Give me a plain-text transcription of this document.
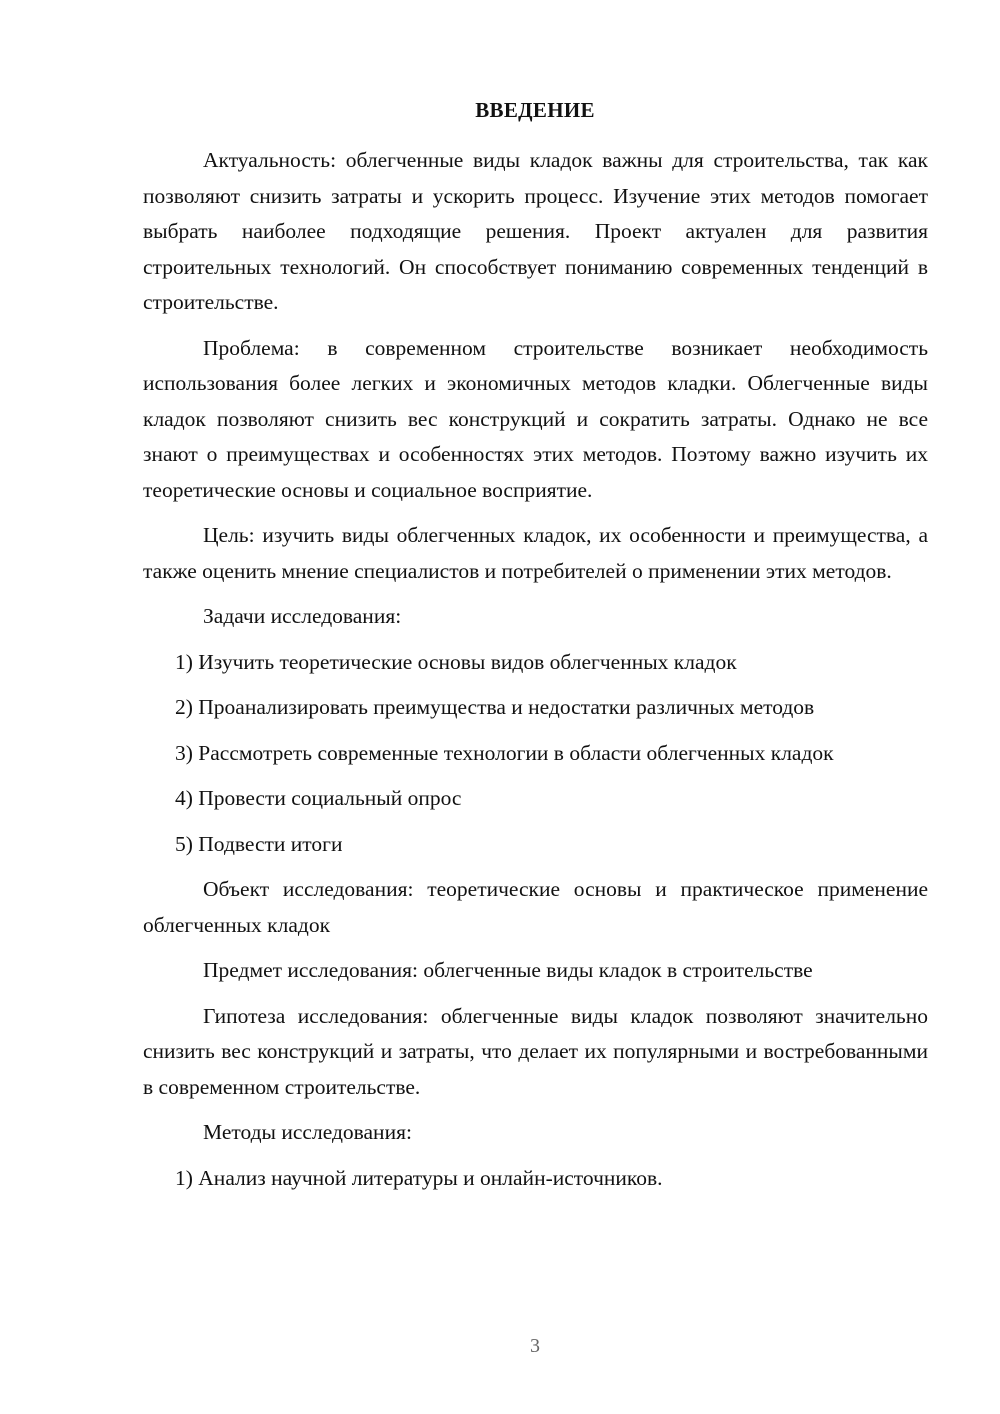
ВВЕДЕНИЕ

Актуальность: облегченные виды кладок важны для строительства, так как позволяют снизить затраты и ускорить процесс. Изучение этих методов помогает выбрать наиболее подходящие решения. Проект актуален для развития строительных технологий. Он способствует пониманию современных тенденций в строительстве.

Проблема: в современном строительстве возникает необходимость использования более легких и экономичных методов кладки. Облегченные виды кладок позволяют снизить вес конструкций и сократить затраты. Однако не все знают о преимуществах и особенностях этих методов. Поэтому важно изучить их теоретические основы и социальное восприятие.

Цель: изучить виды облегченных кладок, их особенности и преимущества, а также оценить мнение специалистов и потребителей о применении этих методов.

Задачи исследования:

1) Изучить теоретические основы видов облегченных кладок

2) Проанализировать преимущества и недостатки различных методов

3) Рассмотреть современные технологии в области облегченных кладок

4) Провести социальный опрос

5) Подвести итоги

Объект исследования: теоретические основы и практическое применение облегченных кладок

Предмет исследования: облегченные виды кладок в строительстве

Гипотеза исследования: облегченные виды кладок позволяют значительно снизить вес конструкций и затраты, что делает их популярными и востребованными в современном строительстве.

Методы исследования:

1) Анализ научной литературы и онлайн-источников.

3
